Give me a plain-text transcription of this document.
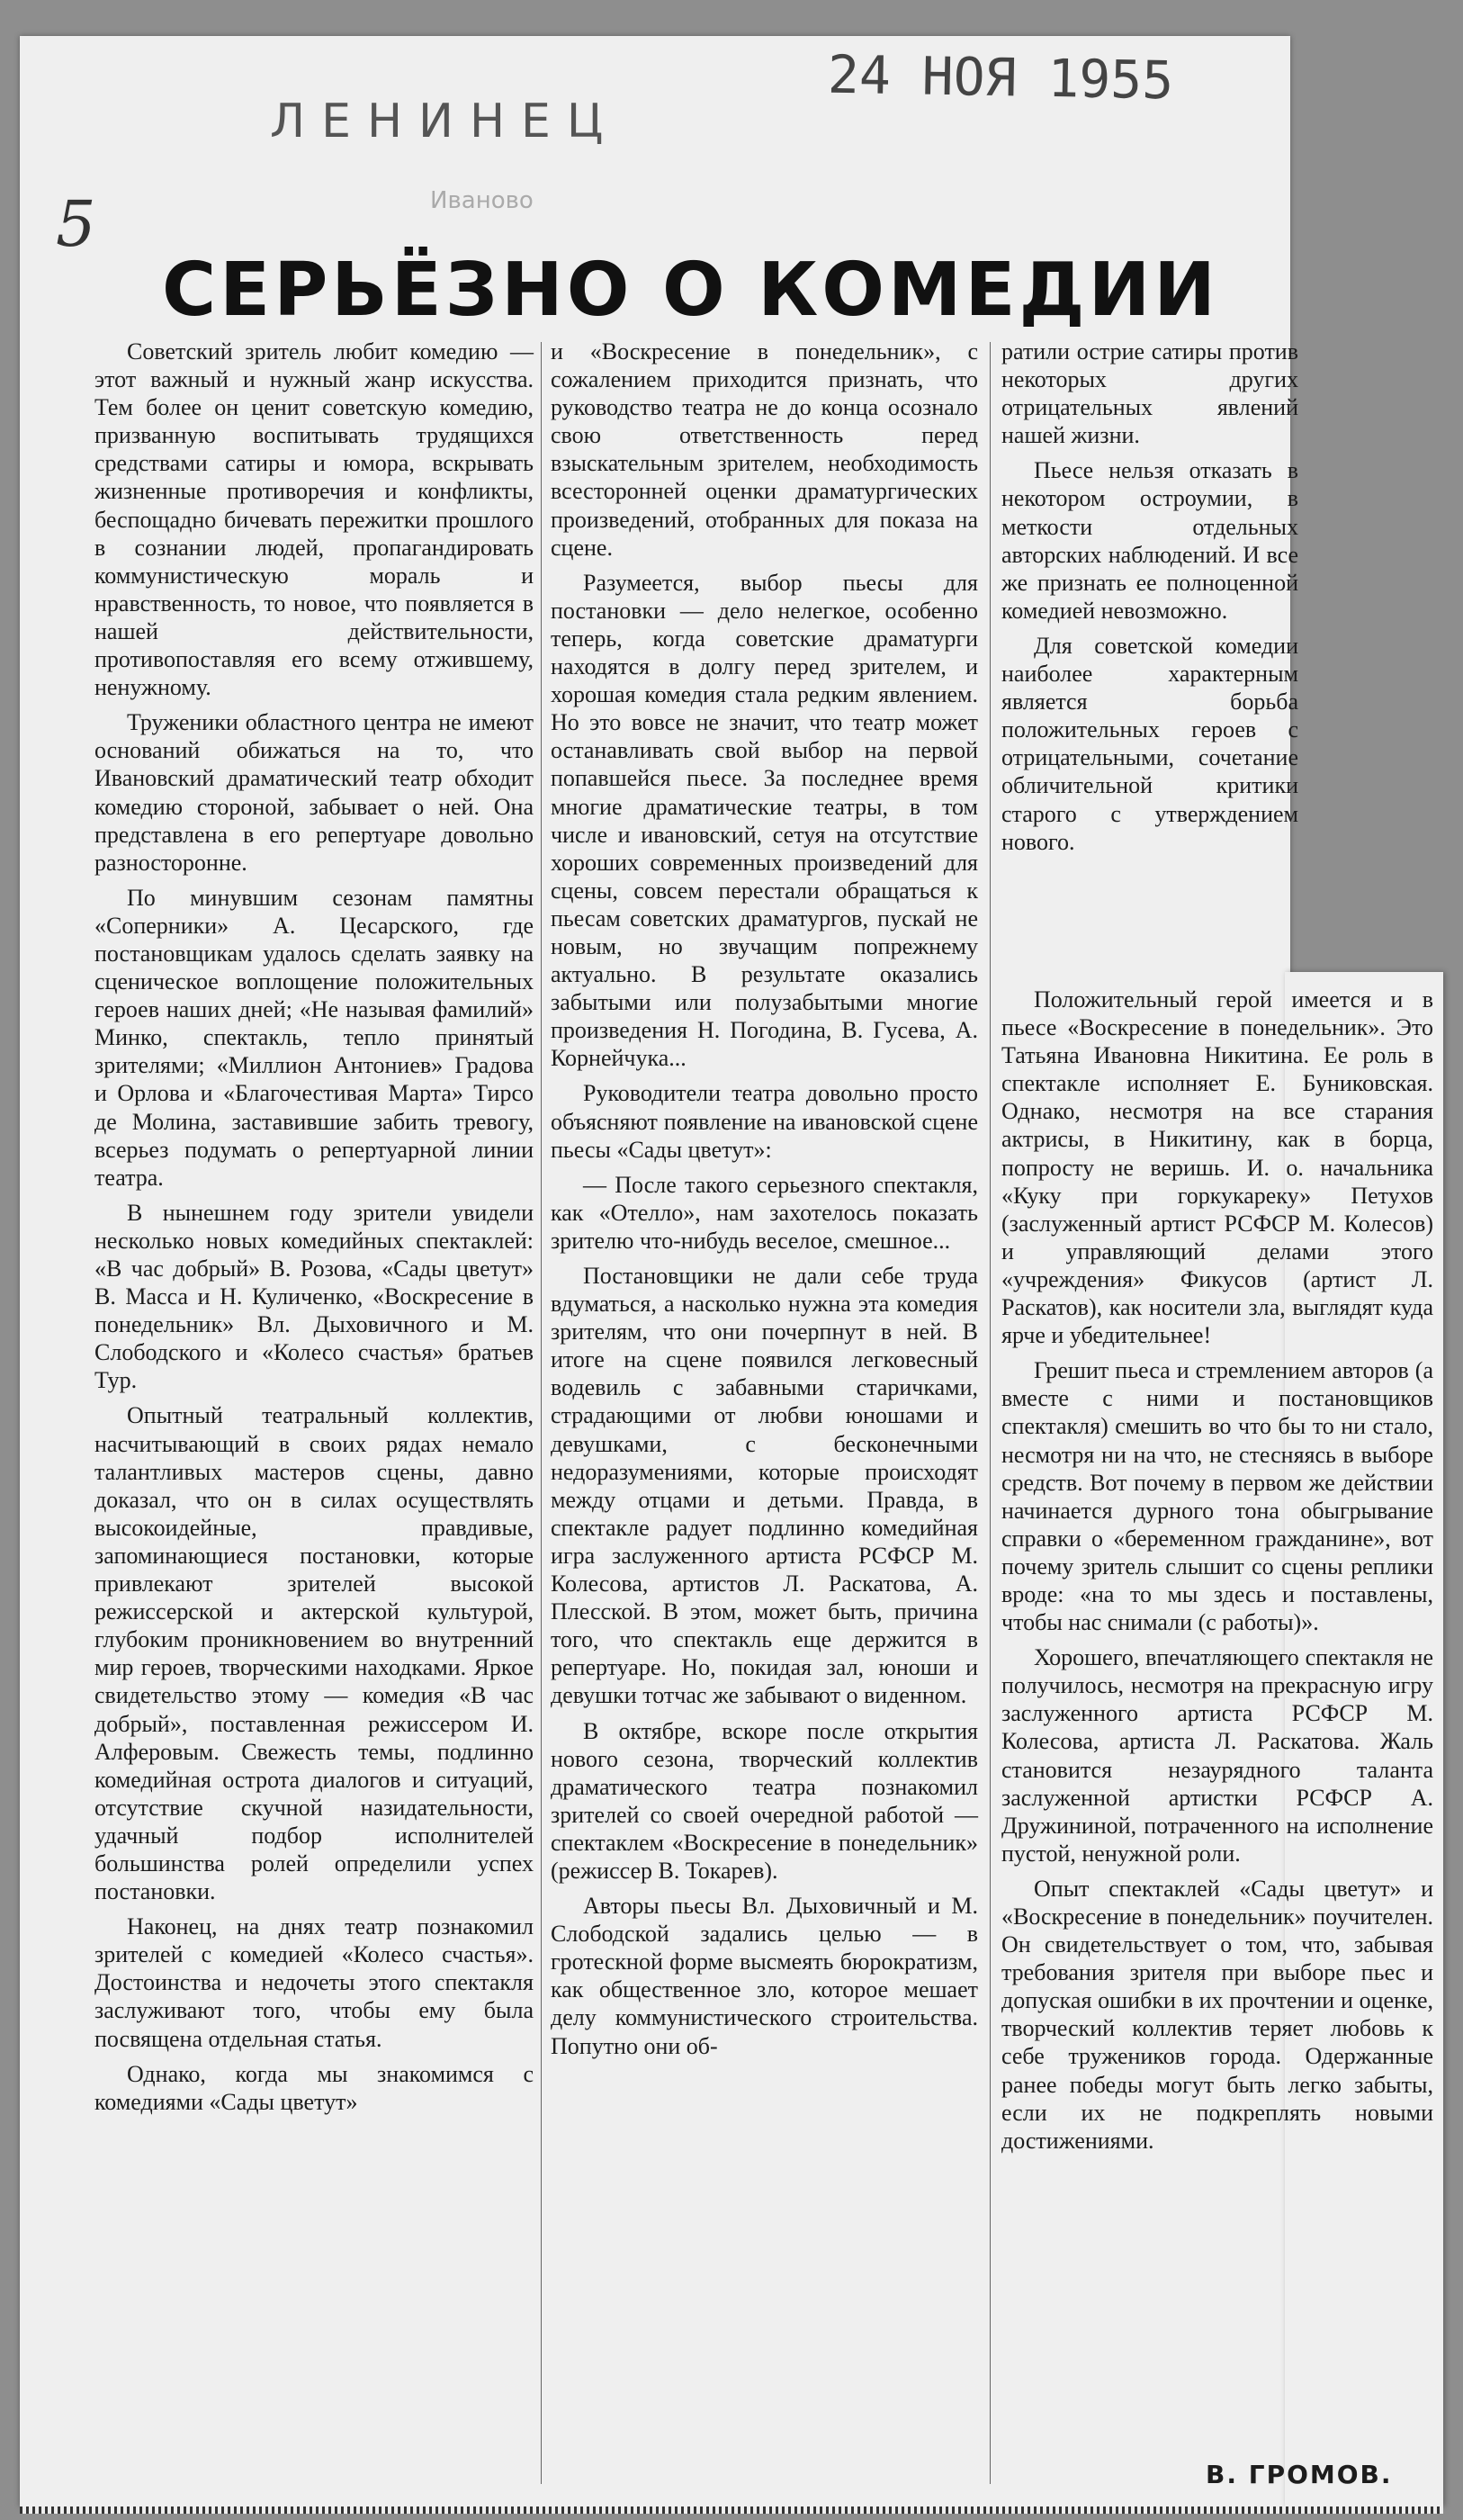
ЛЕНИНЕЦ
24 НОЯ 1955
Иваново
5
СЕРЬЁЗНО О КОМЕДИИ

Советский зритель любит комедию — этот важный и нужный жанр искусства. Тем более он ценит советскую комедию, призванную воспитывать трудящихся средствами сатиры и юмора, вскрывать жизненные противоречия и конфликты, беспощадно бичевать пережитки прошлого в сознании людей, пропагандировать коммунистическую мораль и нравственность, то новое, что появляется в нашей действительности, противопоставляя его всему отжившему, ненужному.

Труженики областного центра не имеют оснований обижаться на то, что Ивановский драматический театр обходит комедию стороной, забывает о ней. Она представлена в его репертуаре довольно разносторонне.

По минувшим сезонам памятны «Соперники» А. Цесарского, где постановщикам удалось сделать заявку на сценическое воплощение положительных героев наших дней; «Не называя фамилий» Минко, спектакль, тепло принятый зрителями; «Миллион Антониев» Градова и Орлова и «Благочестивая Марта» Тирсо де Молина, заставившие забить тревогу, всерьез подумать о репертуарной линии театра.

В нынешнем году зрители увидели несколько новых комедийных спектаклей: «В час добрый» В. Розова, «Сады цветут» В. Масса и Н. Куличенко, «Воскресение в понедельник» Вл. Дыховичного и М. Слободского и «Колесо счастья» братьев Тур.

Опытный театральный коллектив, насчитывающий в своих рядах немало талантливых мастеров сцены, давно доказал, что он в силах осуществлять высокоидейные, правдивые, запоминающиеся постановки, которые привлекают зрителей высокой режиссерской и актерской культурой, глубоким проникновением во внутренний мир героев, творческими находками. Яркое свидетельство этому — комедия «В час добрый», поставленная режиссером И. Алферовым. Свежесть темы, подлинно комедийная острота диалогов и ситуаций, отсутствие скучной назидательности, удачный подбор исполнителей большинства ролей определили успех постановки.

Наконец, на днях театр познакомил зрителей с комедией «Колесо счастья». Достоинства и недочеты этого спектакля заслуживают того, чтобы ему была посвящена отдельная статья.

Однако, когда мы знакомимся с комедиями «Сады цветут»

и «Воскресение в понедельник», с сожалением приходится признать, что руководство театра не до конца осознало свою ответственность перед взыскательным зрителем, необходимость всесторонней оценки драматургических произведений, отобранных для показа на сцене.

Разумеется, выбор пьесы для постановки — дело нелегкое, особенно теперь, когда советские драматурги находятся в долгу перед зрителем, и хорошая комедия стала редким явлением. Но это вовсе не значит, что театр может останавливать свой выбор на первой попавшейся пьесе. За последнее время многие драматические театры, в том числе и ивановский, сетуя на отсутствие хороших современных произведений для сцены, совсем перестали обращаться к пьесам советских драматургов, пускай не новым, но звучащим попрежнему актуально. В результате оказались забытыми или полузабытыми многие произведения Н. Погодина, В. Гусева, А. Корнейчука...

Руководители театра довольно просто объясняют появление на ивановской сцене пьесы «Сады цветут»:

— После такого серьезного спектакля, как «Отелло», нам захотелось показать зрителю что-нибудь веселое, смешное...

Постановщики не дали себе труда вдуматься, а насколько нужна эта комедия зрителям, что они почерпнут в ней. В итоге на сцене появился легковесный водевиль с забавными старичками, страдающими от любви юношами и девушками, с бесконечными недоразумениями, которые происходят между отцами и детьми. Правда, в спектакле радует подлинно комедийная игра заслуженного артиста РСФСР М. Колесова, артистов Л. Раскатова, А. Плесской. В этом, может быть, причина того, что спектакль еще держится в репертуаре. Но, покидая зал, юноши и девушки тотчас же забывают о виденном.

В октябре, вскоре после открытия нового сезона, творческий коллектив драматического театра познакомил зрителей со своей очередной работой — спектаклем «Воскресение в понедельник» (режиссер В. Токарев).

Авторы пьесы Вл. Дыховичный и М. Слободской задались целью — в гротескной форме высмеять бюрократизм, как общественное зло, которое мешает делу коммунистического строительства. Попутно они об-

ратили острие сатиры против некоторых других отрицательных явлений нашей жизни.

Пьесе нельзя отказать в некотором остроумии, в меткости отдельных авторских наблюдений. И все же признать ее полноценной комедией невозможно.

Для советской комедии наиболее характерным является борьба положительных героев с отрицательными, сочетание обличительной критики старого с утверждением нового.

Положительный герой имеется и в пьесе «Воскресение в понедельник». Это Татьяна Ивановна Никитина. Ее роль в спектакле исполняет Е. Буниковская. Однако, несмотря на все старания актрисы, в Никитину, как в борца, попросту не веришь. И. о. начальника «Куку при горкукареку» Петухов (заслуженный артист РСФСР М. Колесов) и управляющий делами этого «учреждения» Фикусов (артист Л. Раскатов), как носители зла, выглядят куда ярче и убедительнее!

Грешит пьеса и стремлением авторов (а вместе с ними и постановщиков спектакля) смешить во что бы то ни стало, несмотря ни на что, не стесняясь в выборе средств. Вот почему в первом же действии начинается дурного тона обыгрывание справки о «беременном гражданине», вот почему зритель слышит со сцены реплики вроде: «на то мы здесь и поставлены, чтобы нас снимали (с работы)».

Хорошего, впечатляющего спектакля не получилось, несмотря на прекрасную игру заслуженного артиста РСФСР М. Колесова, артиста Л. Раскатова. Жаль становится незаурядного таланта заслуженной артистки РСФСР А. Дружининой, потраченного на исполнение пустой, ненужной роли.

Опыт спектаклей «Сады цветут» и «Воскресение в понедельник» поучителен. Он свидетельствует о том, что, забывая требования зрителя при выборе пьес и допуская ошибки в их прочтении и оценке, творческий коллектив теряет любовь к себе тружеников города. Одержанные ранее победы могут быть легко забыты, если их не подкреплять новыми достижениями.

В. ГРОМОВ.
